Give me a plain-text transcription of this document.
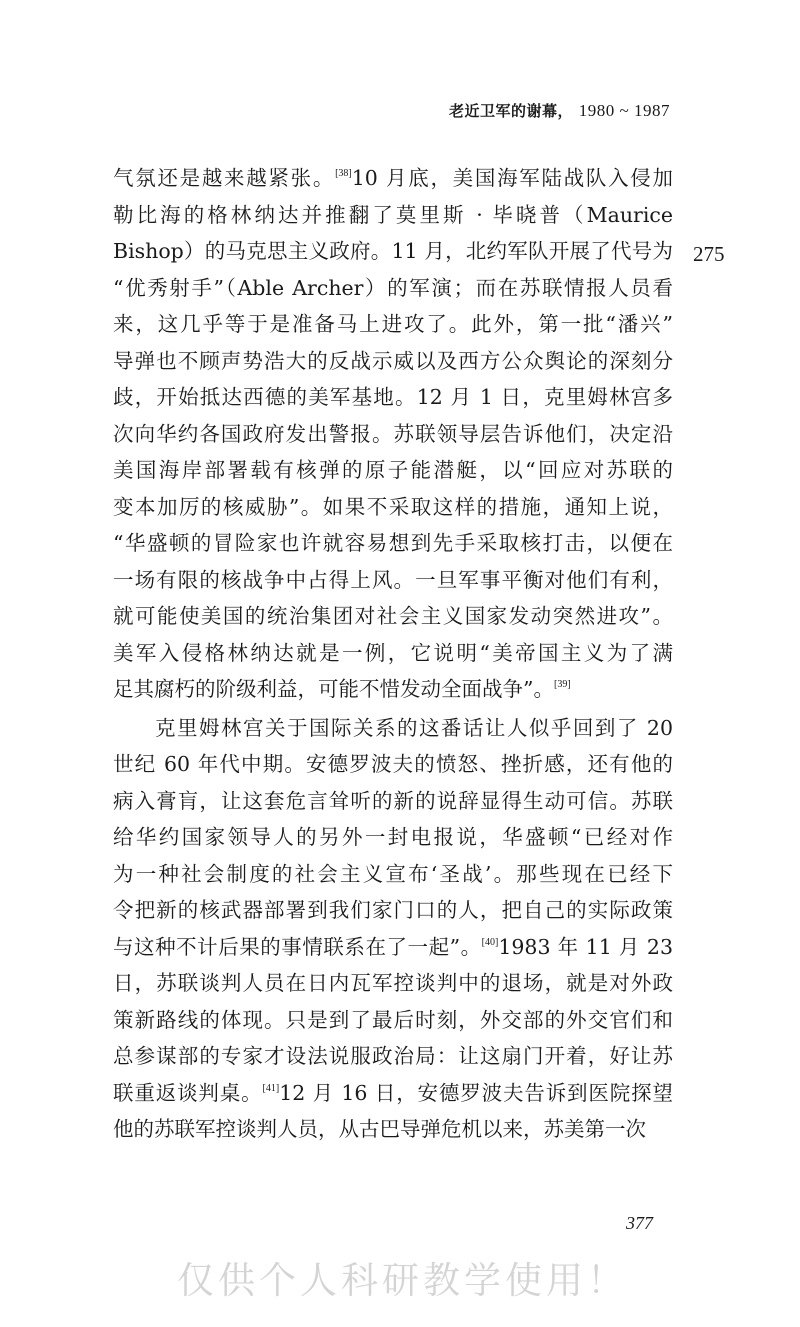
老近卫军的谢幕， 1980 ~ 1987
275
气氛还是越来越紧张。[38]10 月底，美国海军陆战队入侵加
勒比海的格林纳达并推翻了莫里斯 · 毕晓普（Maurice
Bishop）的马克思主义政府。11 月，北约军队开展了代号为
“优秀射手”（Able Archer）的军演；而在苏联情报人员看
来，这几乎等于是准备马上进攻了。此外，第一批“潘兴”
导弹也不顾声势浩大的反战示威以及西方公众舆论的深刻分
歧，开始抵达西德的美军基地。12 月 1 日，克里姆林宫多
次向华约各国政府发出警报。苏联领导层告诉他们，决定沿
美国海岸部署载有核弹的原子能潜艇，以“回应对苏联的
变本加厉的核威胁”。如果不采取这样的措施，通知上说，
“华盛顿的冒险家也许就容易想到先手采取核打击，以便在
一场有限的核战争中占得上风。一旦军事平衡对他们有利，
就可能使美国的统治集团对社会主义国家发动突然进攻”。
美军入侵格林纳达就是一例，它说明“美帝国主义为了满
足其腐朽的阶级利益，可能不惜发动全面战争”。[39]
克里姆林宫关于国际关系的这番话让人似乎回到了 20
世纪 60 年代中期。安德罗波夫的愤怒、挫折感，还有他的
病入膏肓，让这套危言耸听的新的说辞显得生动可信。苏联
给华约国家领导人的另外一封电报说，华盛顿“已经对作
为一种社会制度的社会主义宣布‘圣战’。那些现在已经下
令把新的核武器部署到我们家门口的人，把自己的实际政策
与这种不计后果的事情联系在了一起”。[40]1983 年 11 月 23
日，苏联谈判人员在日内瓦军控谈判中的退场，就是对外政
策新路线的体现。只是到了最后时刻，外交部的外交官们和
总参谋部的专家才设法说服政治局：让这扇门开着，好让苏
联重返谈判桌。[41]12 月 16 日，安德罗波夫告诉到医院探望
他的苏联军控谈判人员，从古巴导弹危机以来，苏美第一次
377
仅供个人科研教学使用！
